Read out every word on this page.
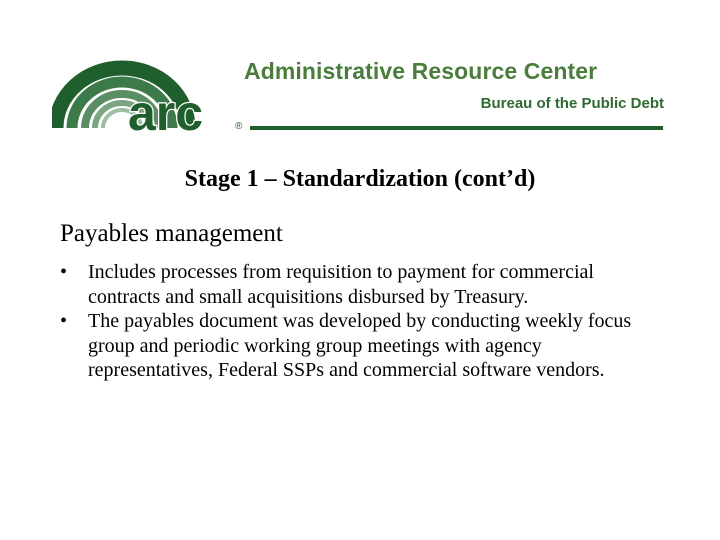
arc	®
Administrative Resource Center
Bureau of the Public Debt
Stage 1 – Standardization (cont’d)
Payables management
• Includes processes from requisition to payment for commercial contracts and small acquisitions disbursed by Treasury.
• The payables document was developed by conducting weekly focus group and periodic working group meetings with agency representatives, Federal SSPs and commercial software vendors.
